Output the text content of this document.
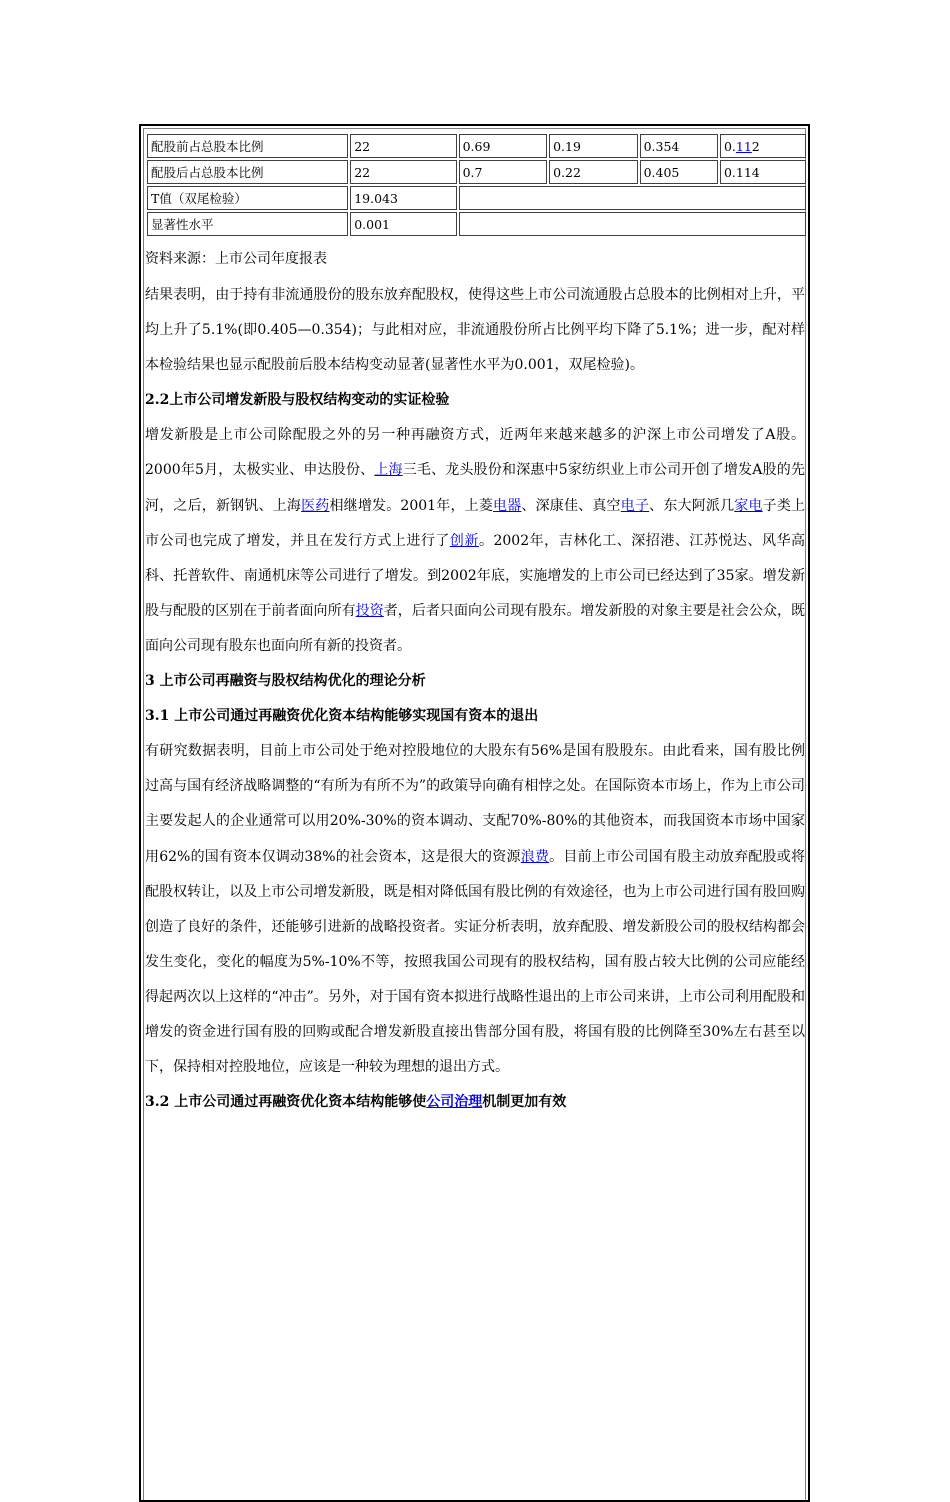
配股前占总股本比例	22	0.69	0.19	0.354	0.112
配股后占总股本比例	22	0.7	0.22	0.405	0.114
T值（双尾检验）	19.043				
显著性水平	0.001				

资料来源：上市公司年度报表

结果表明，由于持有非流通股份的股东放弃配股权，使得这些上市公司流通股占总股本的比例相对上升，平均上升了5.1%(即0.405—0.354)；与此相对应，非流通股份所占比例平均下降了5.1%；进一步，配对样本检验结果也显示配股前后股本结构变动显著(显著性水平为0.001，双尾检验)。

2.2上市公司增发新股与股权结构变动的实证检验

增发新股是上市公司除配股之外的另一种再融资方式，近两年来越来越多的沪深上市公司增发了A股。2000年5月，太极实业、申达股份、上海三毛、龙头股份和深惠中5家纺织业上市公司开创了增发A股的先河，之后，新钢钒、上海医药相继增发。2001年，上菱电器、深康佳、真空电子、东大阿派几家电子类上市公司也完成了增发，并且在发行方式上进行了创新。2002年，吉林化工、深招港、江苏悦达、风华高科、托普软件、南通机床等公司进行了增发。到2002年底，实施增发的上市公司已经达到了35家。增发新股与配股的区别在于前者面向所有投资者，后者只面向公司现有股东。增发新股的对象主要是社会公众，既面向公司现有股东也面向所有新的投资者。

3 上市公司再融资与股权结构优化的理论分析
3.1 上市公司通过再融资优化资本结构能够实现国有资本的退出

有研究数据表明，目前上市公司处于绝对控股地位的大股东有56%是国有股股东。由此看来，国有股比例过高与国有经济战略调整的“有所为有所不为”的政策导向确有相悖之处。在国际资本市场上，作为上市公司主要发起人的企业通常可以用20%-30%的资本调动、支配70%-80%的其他资本，而我国资本市场中国家用62%的国有资本仅调动38%的社会资本，这是很大的资源浪费。目前上市公司国有股主动放弃配股或将配股权转让，以及上市公司增发新股，既是相对降低国有股比例的有效途径，也为上市公司进行国有股回购创造了良好的条件，还能够引进新的战略投资者。实证分析表明，放弃配股、增发新股公司的股权结构都会发生变化，变化的幅度为5%-10%不等，按照我国公司现有的股权结构，国有股占较大比例的公司应能经得起两次以上这样的“冲击”。另外，对于国有资本拟进行战略性退出的上市公司来讲，上市公司利用配股和增发的资金进行国有股的回购或配合增发新股直接出售部分国有股，将国有股的比例降至30%左右甚至以下，保持相对控股地位，应该是一种较为理想的退出方式。

3.2 上市公司通过再融资优化资本结构能够使公司治理机制更加有效
